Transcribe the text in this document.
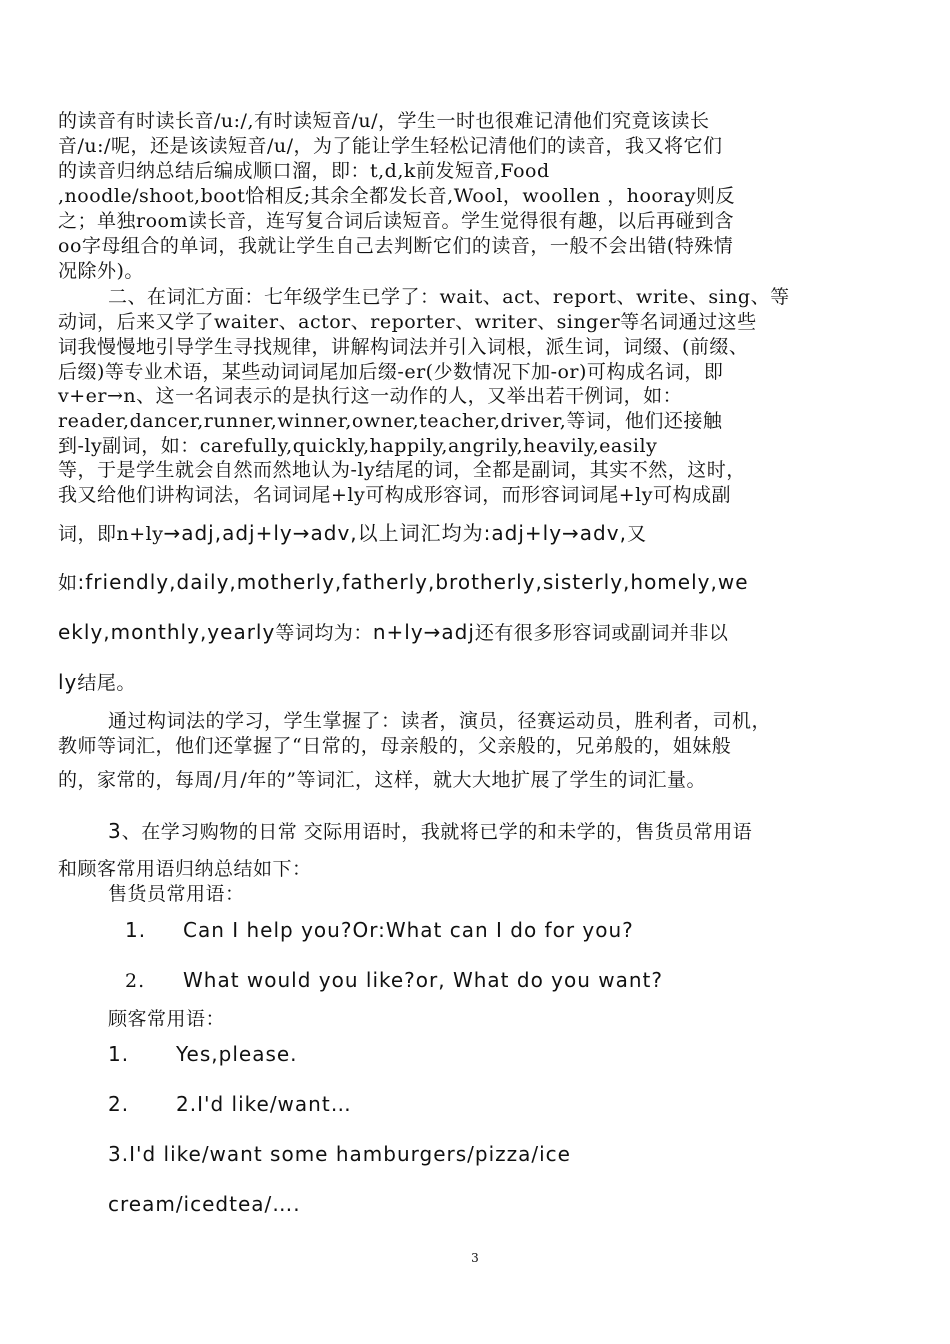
的读音有时读长音/u:/,有时读短音/u/，学生一时也很难记清他们究竟该读长
音/u:/呢，还是该读短音/u/，为了能让学生轻松记清他们的读音，我又将它们
的读音归纳总结后编成顺口溜，即：t,d,k前发短音,Food
,noodle/shoot,boot恰相反;其余全都发长音,Wool，woollen ，hooray则反
之；单独room读长音，连写复合词后读短音。学生觉得很有趣，以后再碰到含
oo字母组合的单词，我就让学生自己去判断它们的读音，一般不会出错(特殊情
况除外)。
二、在词汇方面：七年级学生已学了：wait、act、report、write、sing、等
动词，后来又学了waiter、actor、reporter、writer、singer等名词通过这些
词我慢慢地引导学生寻找规律，讲解构词法并引入词根，派生词，词缀、(前缀、
后缀)等专业术语，某些动词词尾加后缀-er(少数情况下加-or)可构成名词，即
v+er→n、这一名词表示的是执行这一动作的人，又举出若干例词，如：
reader,dancer,runner,winner,owner,teacher,driver,等词，他们还接触
到-ly副词，如：carefully,quickly,happily,angrily,heavily,easily
等，于是学生就会自然而然地认为-ly结尾的词，全都是副词，其实不然，这时，
我又给他们讲构词法，名词词尾+ly可构成形容词，而形容词词尾+ly可构成副
词，即n+ly→adj,adj+ly→adv,以上词汇均为:adj+ly→adv,又
如:friendly,daily,motherly,fatherly,brotherly,sisterly,homely,we
ekly,monthly,yearly等词均为：n+ly→adj还有很多形容词或副词并非以
ly结尾。
通过构词法的学习，学生掌握了：读者，演员，径赛运动员，胜利者，司机，
教师等词汇，他们还掌握了“日常的，母亲般的，父亲般的，兄弟般的，姐妹般
的，家常的，每周/月/年的”等词汇，这样，就大大地扩展了学生的词汇量。
3、在学习购物的日常 交际用语时，我就将已学的和未学的，售货员常用语
和顾客常用语归纳总结如下：
售货员常用语：
1. Can I help you?Or:What can I do for you?
2. What would you like?or, What do you want?
顾客常用语：
1. Yes,please.
2. 2.I'd like/want…
3.I'd like/want some hamburgers/pizza/ice
cream/icedtea/….
3
